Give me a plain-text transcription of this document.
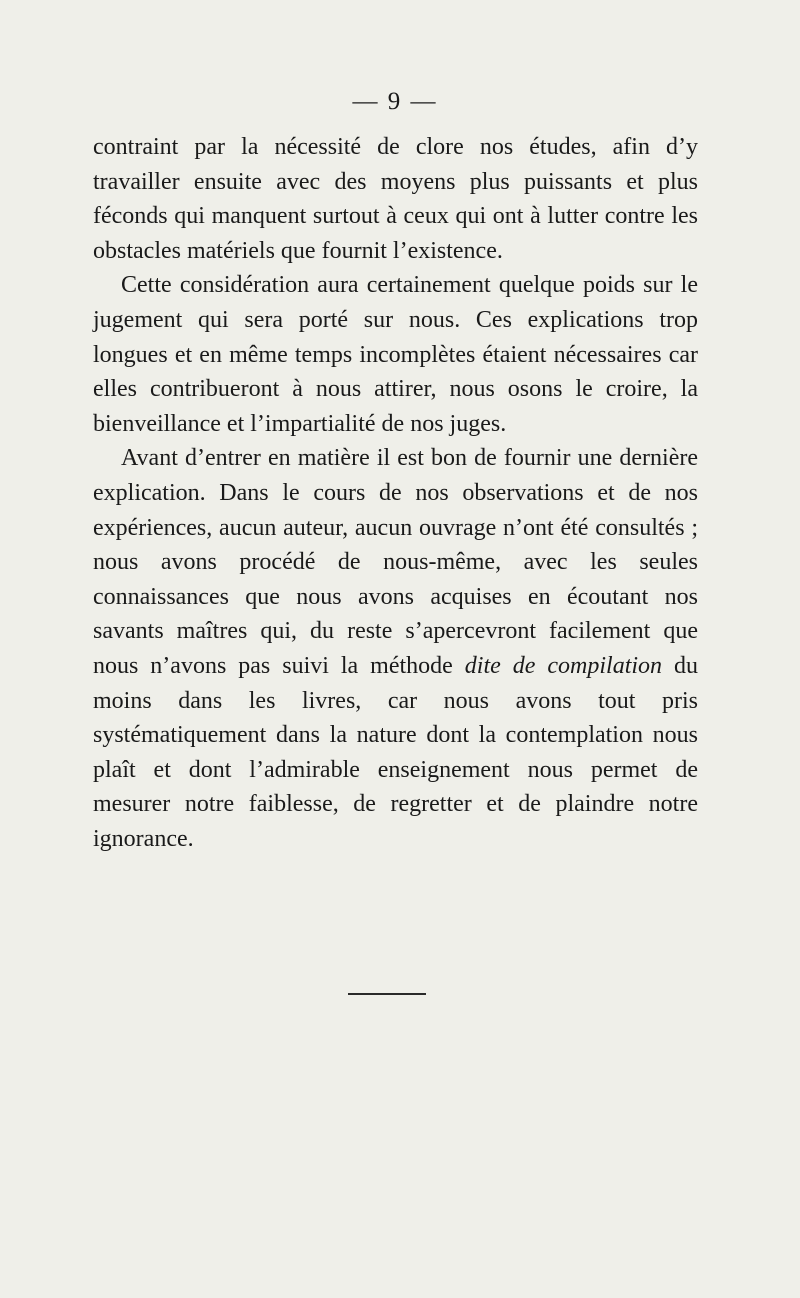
— 9 —

contraint par la nécessité de clore nos études, afin d’y travailler ensuite avec des moyens plus puissants et plus féconds qui manquent surtout à ceux qui ont à lutter contre les obstacles matériels que fournit l’existence.

Cette considération aura certainement quelque poids sur le jugement qui sera porté sur nous. Ces explications trop longues et en même temps incomplètes étaient nécessaires car elles contribueront à nous attirer, nous osons le croire, la bienveillance et l’impartialité de nos juges.

Avant d’entrer en matière il est bon de fournir une dernière explication. Dans le cours de nos observations et de nos expériences, aucun auteur, aucun ouvrage n’ont été consultés ; nous avons procédé de nous-même, avec les seules connaissances que nous avons acquises en écoutant nos savants maîtres qui, du reste s’apercevront facilement que nous n’avons pas suivi la méthode dite de compilation du moins dans les livres, car nous avons tout pris systématiquement dans la nature dont la contemplation nous plaît et dont l’admirable enseignement nous permet de mesurer notre faiblesse, de regretter et de plaindre notre ignorance.
